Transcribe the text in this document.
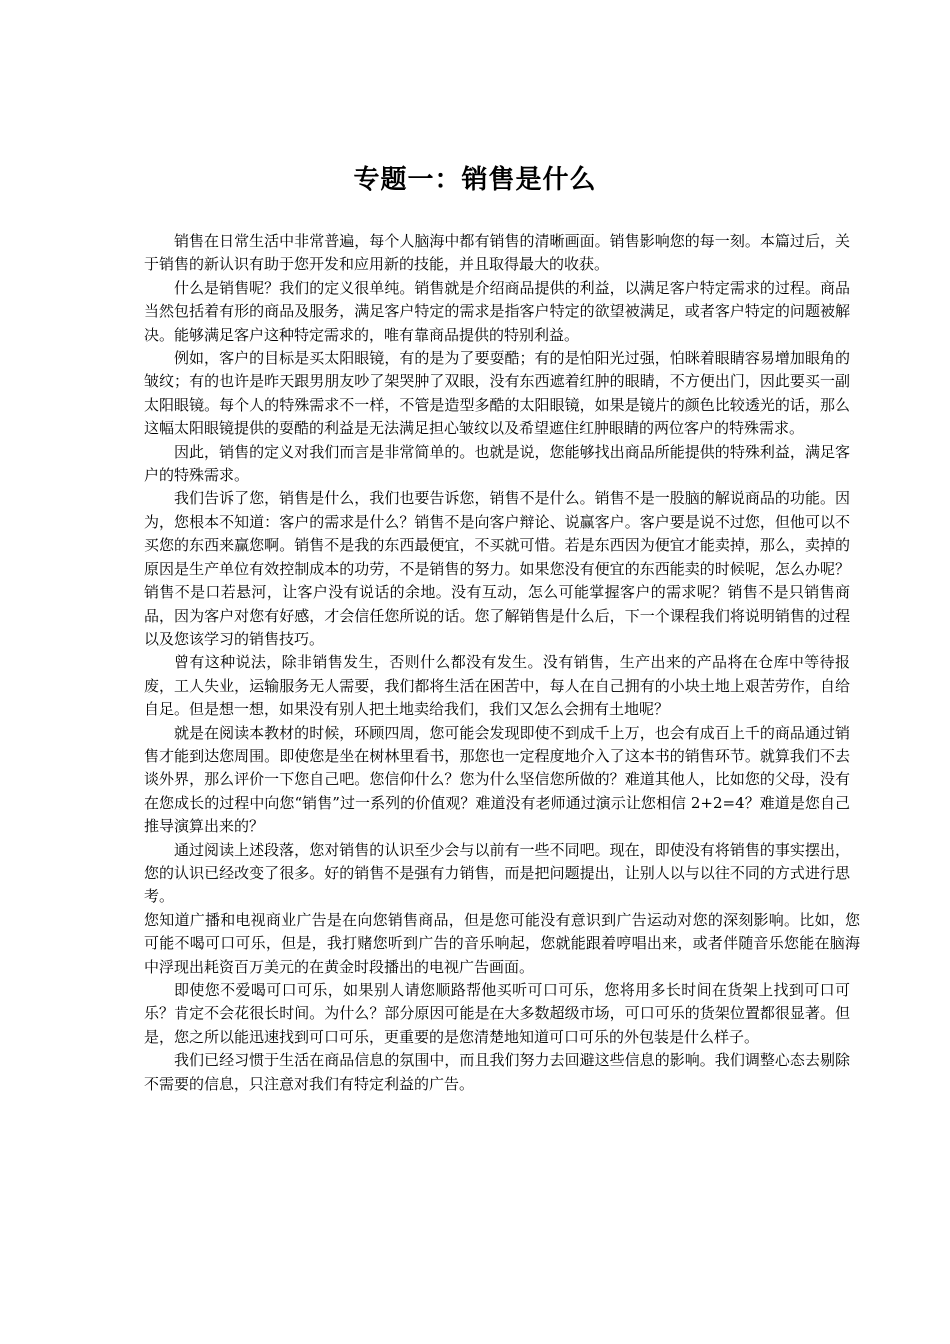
专题一：销售是什么

销售在日常生活中非常普遍，每个人脑海中都有销售的清晰画面。销售影响您的每一刻。本篇过后，关于销售的新认识有助于您开发和应用新的技能，并且取得最大的收获。

什么是销售呢？我们的定义很单纯。销售就是介绍商品提供的利益，以满足客户特定需求的过程。商品当然包括着有形的商品及服务，满足客户特定的需求是指客户特定的欲望被满足，或者客户特定的问题被解决。能够满足客户这种特定需求的，唯有靠商品提供的特别利益。

例如，客户的目标是买太阳眼镜，有的是为了要耍酷；有的是怕阳光过强，怕眯着眼睛容易增加眼角的皱纹；有的也许是昨天跟男朋友吵了架哭肿了双眼，没有东西遮着红肿的眼睛，不方便出门，因此要买一副太阳眼镜。每个人的特殊需求不一样，不管是造型多酷的太阳眼镜，如果是镜片的颜色比较透光的话，那么这幅太阳眼镜提供的耍酷的利益是无法满足担心皱纹以及希望遮住红肿眼睛的两位客户的特殊需求。

因此，销售的定义对我们而言是非常简单的。也就是说，您能够找出商品所能提供的特殊利益，满足客户的特殊需求。

我们告诉了您，销售是什么，我们也要告诉您，销售不是什么。销售不是一股脑的解说商品的功能。因为，您根本不知道：客户的需求是什么？销售不是向客户辩论、说赢客户。客户要是说不过您，但他可以不买您的东西来赢您啊。销售不是我的东西最便宜，不买就可惜。若是东西因为便宜才能卖掉，那么，卖掉的原因是生产单位有效控制成本的功劳，不是销售的努力。如果您没有便宜的东西能卖的时候呢，怎么办呢？销售不是口若悬河，让客户没有说话的余地。没有互动，怎么可能掌握客户的需求呢？销售不是只销售商品，因为客户对您有好感，才会信任您所说的话。您了解销售是什么后，下一个课程我们将说明销售的过程以及您该学习的销售技巧。

曾有这种说法，除非销售发生，否则什么都没有发生。没有销售，生产出来的产品将在仓库中等待报废，工人失业，运输服务无人需要，我们都将生活在困苦中，每人在自己拥有的小块土地上艰苦劳作，自给自足。但是想一想，如果没有别人把土地卖给我们，我们又怎么会拥有土地呢？

就是在阅读本教材的时候，环顾四周，您可能会发现即使不到成千上万，也会有成百上千的商品通过销售才能到达您周围。即使您是坐在树林里看书，那您也一定程度地介入了这本书的销售环节。就算我们不去谈外界，那么评价一下您自己吧。您信仰什么？您为什么坚信您所做的？难道其他人，比如您的父母，没有在您成长的过程中向您“销售”过一系列的价值观？难道没有老师通过演示让您相信 2+2=4？难道是您自己推导演算出来的？

通过阅读上述段落，您对销售的认识至少会与以前有一些不同吧。现在，即使没有将销售的事实摆出，您的认识已经改变了很多。好的销售不是强有力销售，而是把问题提出，让别人以与以往不同的方式进行思考。

您知道广播和电视商业广告是在向您销售商品，但是您可能没有意识到广告运动对您的深刻影响。比如，您可能不喝可口可乐，但是，我打赌您听到广告的音乐响起，您就能跟着哼唱出来，或者伴随音乐您能在脑海中浮现出耗资百万美元的在黄金时段播出的电视广告画面。

即使您不爱喝可口可乐，如果别人请您顺路帮他买听可口可乐，您将用多长时间在货架上找到可口可乐？肯定不会花很长时间。为什么？部分原因可能是在大多数超级市场，可口可乐的货架位置都很显著。但是，您之所以能迅速找到可口可乐，更重要的是您清楚地知道可口可乐的外包装是什么样子。

我们已经习惯于生活在商品信息的氛围中，而且我们努力去回避这些信息的影响。我们调整心态去剔除不需要的信息，只注意对我们有特定利益的广告。
